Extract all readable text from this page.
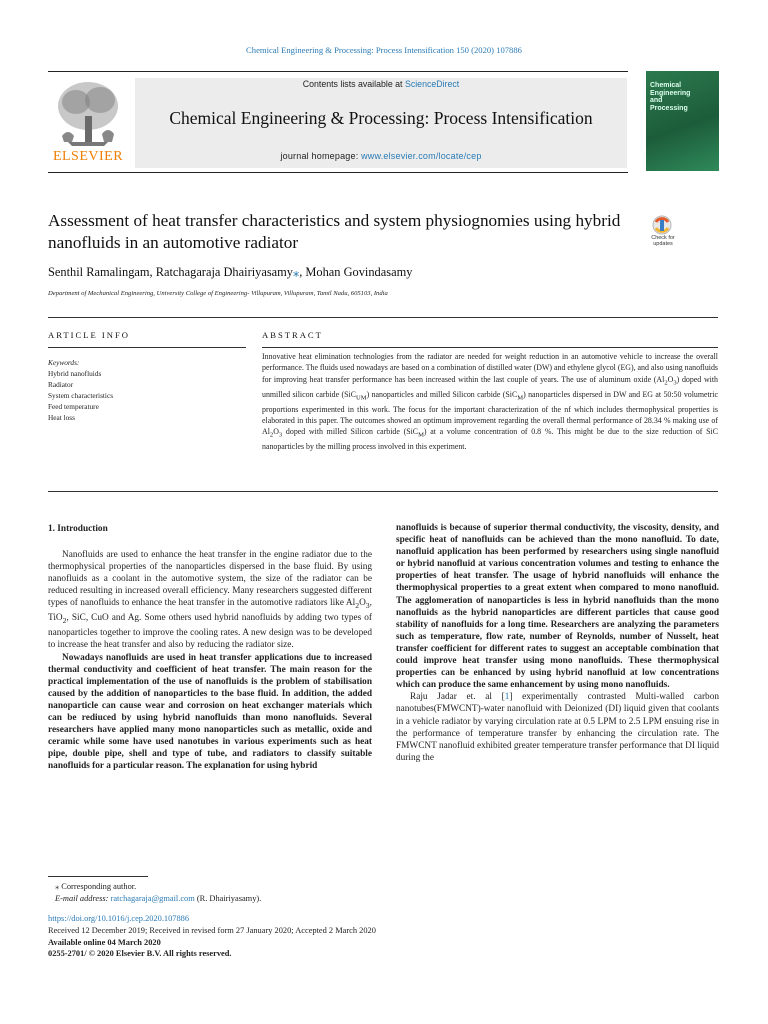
Chemical Engineering & Processing: Process Intensification 150 (2020) 107886
ELSEVIER
Contents lists available at ScienceDirect
Chemical Engineering & Processing: Process Intensification
journal homepage: www.elsevier.com/locate/cep
Chemical Engineering and Processing
Assessment of heat transfer characteristics and system physiognomies using hybrid nanofluids in an automotive radiator	Check for updates
Senthil Ramalingam, Ratchagaraja Dhairiyasamy⁎, Mohan Govindasamy
Department of Mechanical Engineering, University College of Engineering- Villupuram, Villupuram, Tamil Nadu, 605103, India
ARTICLE INFO	ABSTRACT
Keywords:
Hybrid nanofluids
Radiator
System characteristics
Feed temperature
Heat loss
Innovative heat elimination technologies from the radiator are needed for weight reduction in an automotive vehicle to increase the overall performance. The fluids used nowadays are based on a combination of distilled water (DW) and ethylene glycol (EG), and also using nanofluids for improving heat transfer performance has been increased within the last couple of years. The use of aluminum oxide $(Al_2O_3)$ doped with unmilled silicon carbide (SiC$_{UM}$) nanoparticles and milled Silicon carbide (SiC$_M$) nanoparticles dispersed in DW and EG at 50:50 volumetric proportions experimented in this work. The focus for the important characterization of the nf which includes thermophysical properties is elaborated in this paper. The outcomes showed an optimum improvement regarding the overall thermal performance of 28.34 % making use of $Al_2O_3$ doped with milled Silicon carbide (SiC$_M$) at a volume concentration of 0.8 %. This might be due to the size reduction of SiC nanoparticles by the milling process involved in this experiment.
1. Introduction
Nanofluids are used to enhance the heat transfer in the engine radiator due to the thermophysical properties of the nanoparticles dispersed in the base fluid. By using nanofluids as a coolant in the automotive system, the size of the radiator can be reduced resulting in increased overall efficiency. Many researchers suggested different types of nanofluids to enhance the heat transfer in the automotive radiators like $Al_2O_3$, TiO$_2$, SiC, CuO and Ag. Some others used hybrid nanofluids by adding two types of nanoparticles together to improve the cooling rates. A new design was to be developed to increase the heat transfer and also by reducing the radiator size.
Nowadays nanofluids are used in heat transfer applications due to increased thermal conductivity and coefficient of heat transfer. The main reason for the practical implementation of the use of nanofluids is the problem of stabilisation caused by the addition of nanoparticles to the base fluid. In addition, the added nanoparticle can cause wear and corrosion on heat exchanger materials which can be rediuced by using hybrid nanofluids than mono nanofluids. Several researchers have applied many mono nanoparticles such as metallic, oxide and ceramic while some have used nanotubes in various experiments such as heat pipe, double pipe, shell and type of tube, and radiators to classify suitable nanofluids for a particular reason. The explanation for using hybrid
nanofluids is because of superior thermal conductivity, the viscosity, density, and specific heat of nanofluids can be achieved than the mono nanofluid. To date, nanofluid application has been performed by researchers using single nanofluid or hybrid nanofluid at various concentration volumes and testing to enhance the properties of heat transfer. The usage of hybrid nanofluids will enhance the thermophysical properties to a great extent when compared to mono nanofluid. The agglomeration of nanoparticles is less in hybrid nanofluids than the mono nanofluids as the hybrid nanoparticles are different particles that cause good stability of nanofluids for a long time. Researchers are analyzing the parameters such as temperature, flow rate, number of Reynolds, number of Nusselt, heat transfer coefficient for different rates to suggest an acceptable combination that could improve heat transfer using mono nanofluids. These thermophysical properties can be enhanced by using hybrid nanofluid at low concentrations which can produce the same enhancement by using mono nanofluids.
Raju Jadar et. al [1] experimentally contrasted Multi-walled carbon nanotubes(FMWCNT)-water nanofluid with Deionized (DI) liquid given that coolants in a vehicle radiator by varying circulation rate at 0.5 LPM to 2.5 LPM ensuing rise in the performance of temperature transfer by enhancing the circulation rate. The FMWCNT nanofluid exhibited greater temperature transfer performance that DI liquid during the
⁎ Corresponding author.
E-mail address: ratchagaraja@gmail.com (R. Dhairiyasamy).
https://doi.org/10.1016/j.cep.2020.107886
Received 12 December 2019; Received in revised form 27 January 2020; Accepted 2 March 2020
Available online 04 March 2020
0255-2701/ © 2020 Elsevier B.V. All rights reserved.
